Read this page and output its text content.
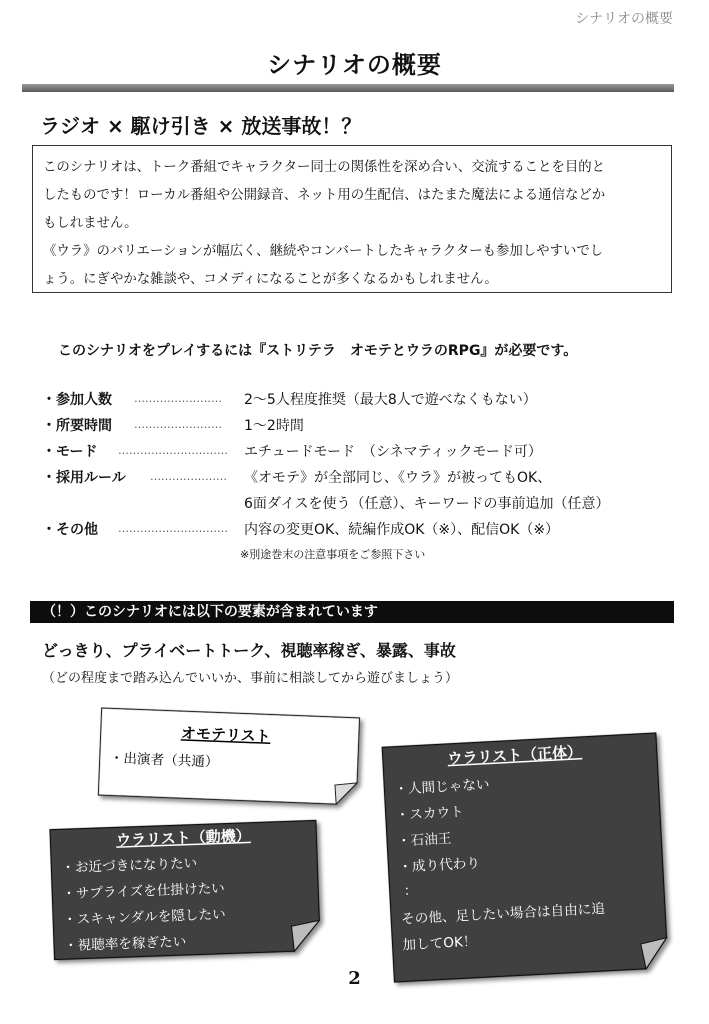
シナリオの概要
シナリオの概要
ラジオ × 駆け引き × 放送事故！？

このシナリオは、トーク番組でキャラクター同士の関係性を深め合い、交流することを目的と

したものです！ローカル番組や公開録音、ネット用の生配信、はたまた魔法による通信などか

もしれません。

《ウラ》のバリエーションが幅広く、継続やコンバートしたキャラクターも参加しやすいでし

ょう。にぎやかな雑談や、コメディになることが多くなるかもしれません。

このシナリオをプレイするには『ストリテラ　オモテとウラのRPG』が必要です。
・参加人数 …………………… 2～5人程度推奨（最大8人で遊べなくもない）
・所要時間 …………………… 1～2時間
・モード ………………………… エチュードモード　（シネマティックモード可）
・採用ルール ………………… 《オモテ》が全部同じ、《ウラ》が被ってもOK、
6面ダイスを使う（任意）、キーワードの事前追加（任意）
・その他 ………………………… 内容の変更OK、続編作成OK（※）、配信OK（※）
※別途巻末の注意事項をご参照下さい
（！）このシナリオには以下の要素が含まれています
どっきり、プライベートトーク、視聴率稼ぎ、暴露、事故
（どの程度まで踏み込んでいいか、事前に相談してから遊びましょう）
オモテリスト
・出演者（共通）
ウラリスト（動機）
・お近づきになりたい
・サプライズを仕掛けたい
・スキャンダルを隠したい
・視聴率を稼ぎたい
ウラリスト（正体）
・人間じゃない
・スカウト
・石油王
・成り代わり
：
その他、足したい場合は自由に追
加してOK！
2
